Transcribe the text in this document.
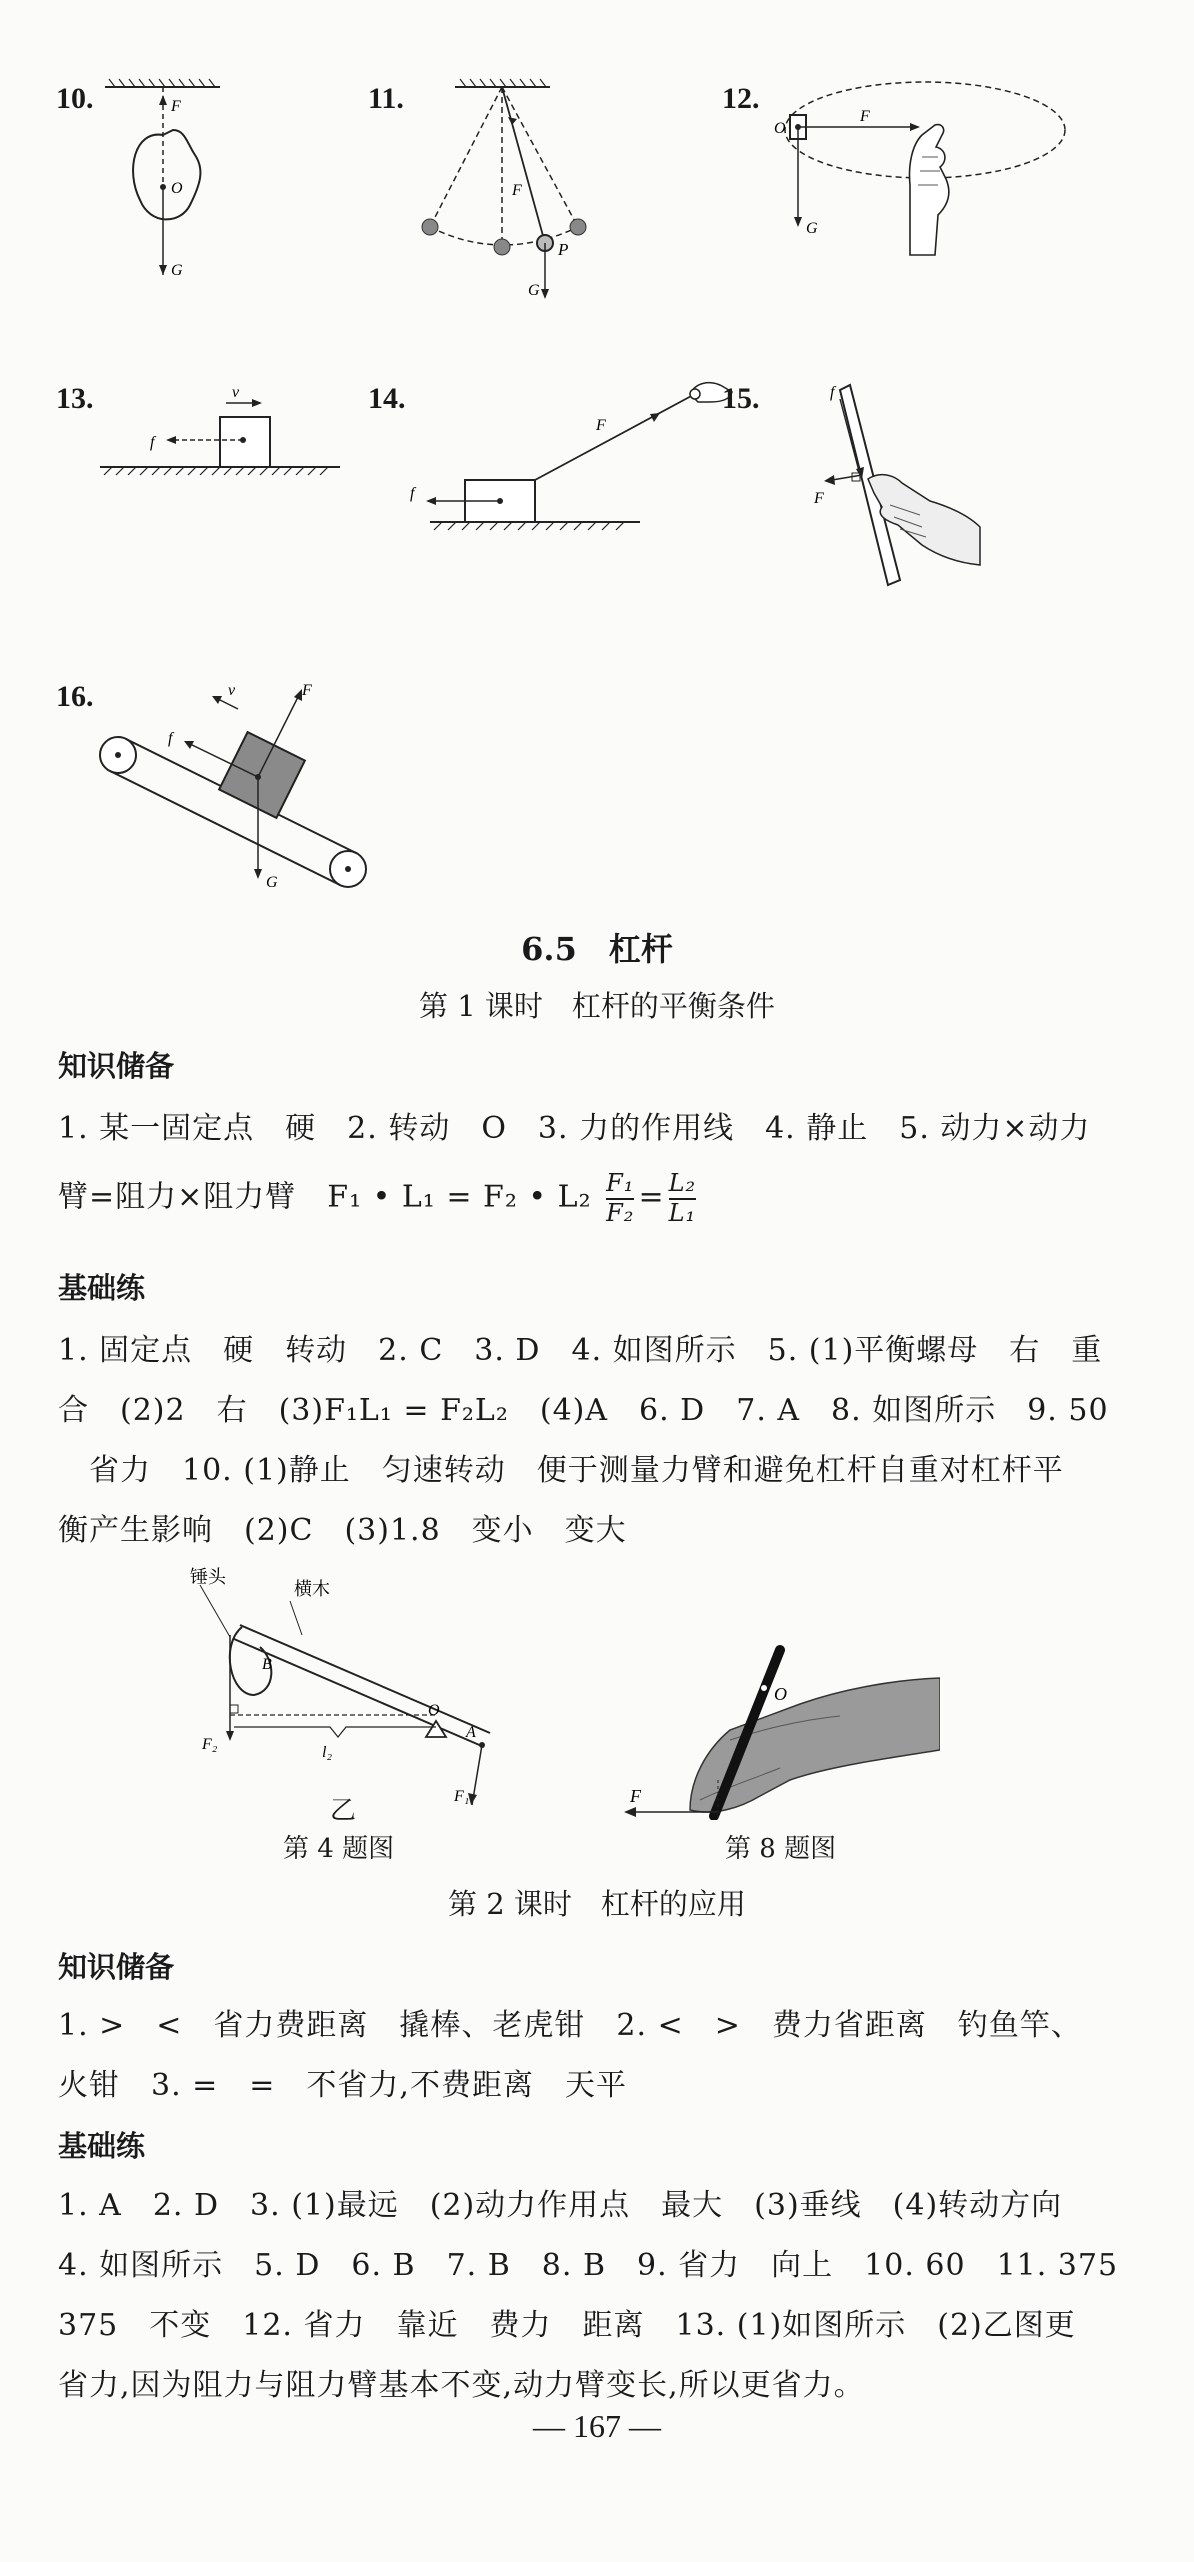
10.	F
O
G
11.
F
P
G
12.
O
F
G
13.	v
f
14.
F
f
15.	f
F
16.	v	F
f
G
6.5　杠杆
第 1 课时　杠杆的平衡条件
知识储备
1. 某一固定点　硬　2. 转动　O　3. 力的作用线　4. 静止　5. 动力×动力
臂=阻力×阻力臂　F₁ • L₁ = F₂ • $L_2 \frac{\text{F₁}}{\text{F₂}} = \frac{\text{L₂}}{\text{L₁}}$
基础练
1. 固定点　硬　转动　2. C　3. D　4. 如图所示　5. (1)平衡螺母　右　重
合　(2)2　右　(3)F₁L₁ = F₂L₂　(4)A　6. D　7. A　8. 如图所示　9. 50
　省力　10. (1)静止　匀速转动　便于测量力臂和避免杠杆自重对杠杆平
衡产生影响　(2)C　(3)1.8　变小　变大
锤头
横木
B
O
A
F₂
F₁
l₂
乙
第 4 题图
F
O
第 8 题图
第 2 课时　杠杆的应用
知识储备
1. >　<　省力费距离　撬棒、老虎钳　2. <　>　费力省距离　钓鱼竿、
火钳　3. =　=　不省力,不费距离　天平
基础练
1. A　2. D　3. (1)最远　(2)动力作用点　最大　(3)垂线　(4)转动方向
4. 如图所示　5. D　6. B　7. B　8. B　9. 省力　向上　10. 60　11. 375
375　不变　12. 省力　靠近　费力　距离　13. (1)如图所示　(2)乙图更
省力,因为阻力与阻力臂基本不变,动力臂变长,所以更省力。
— 167 —
